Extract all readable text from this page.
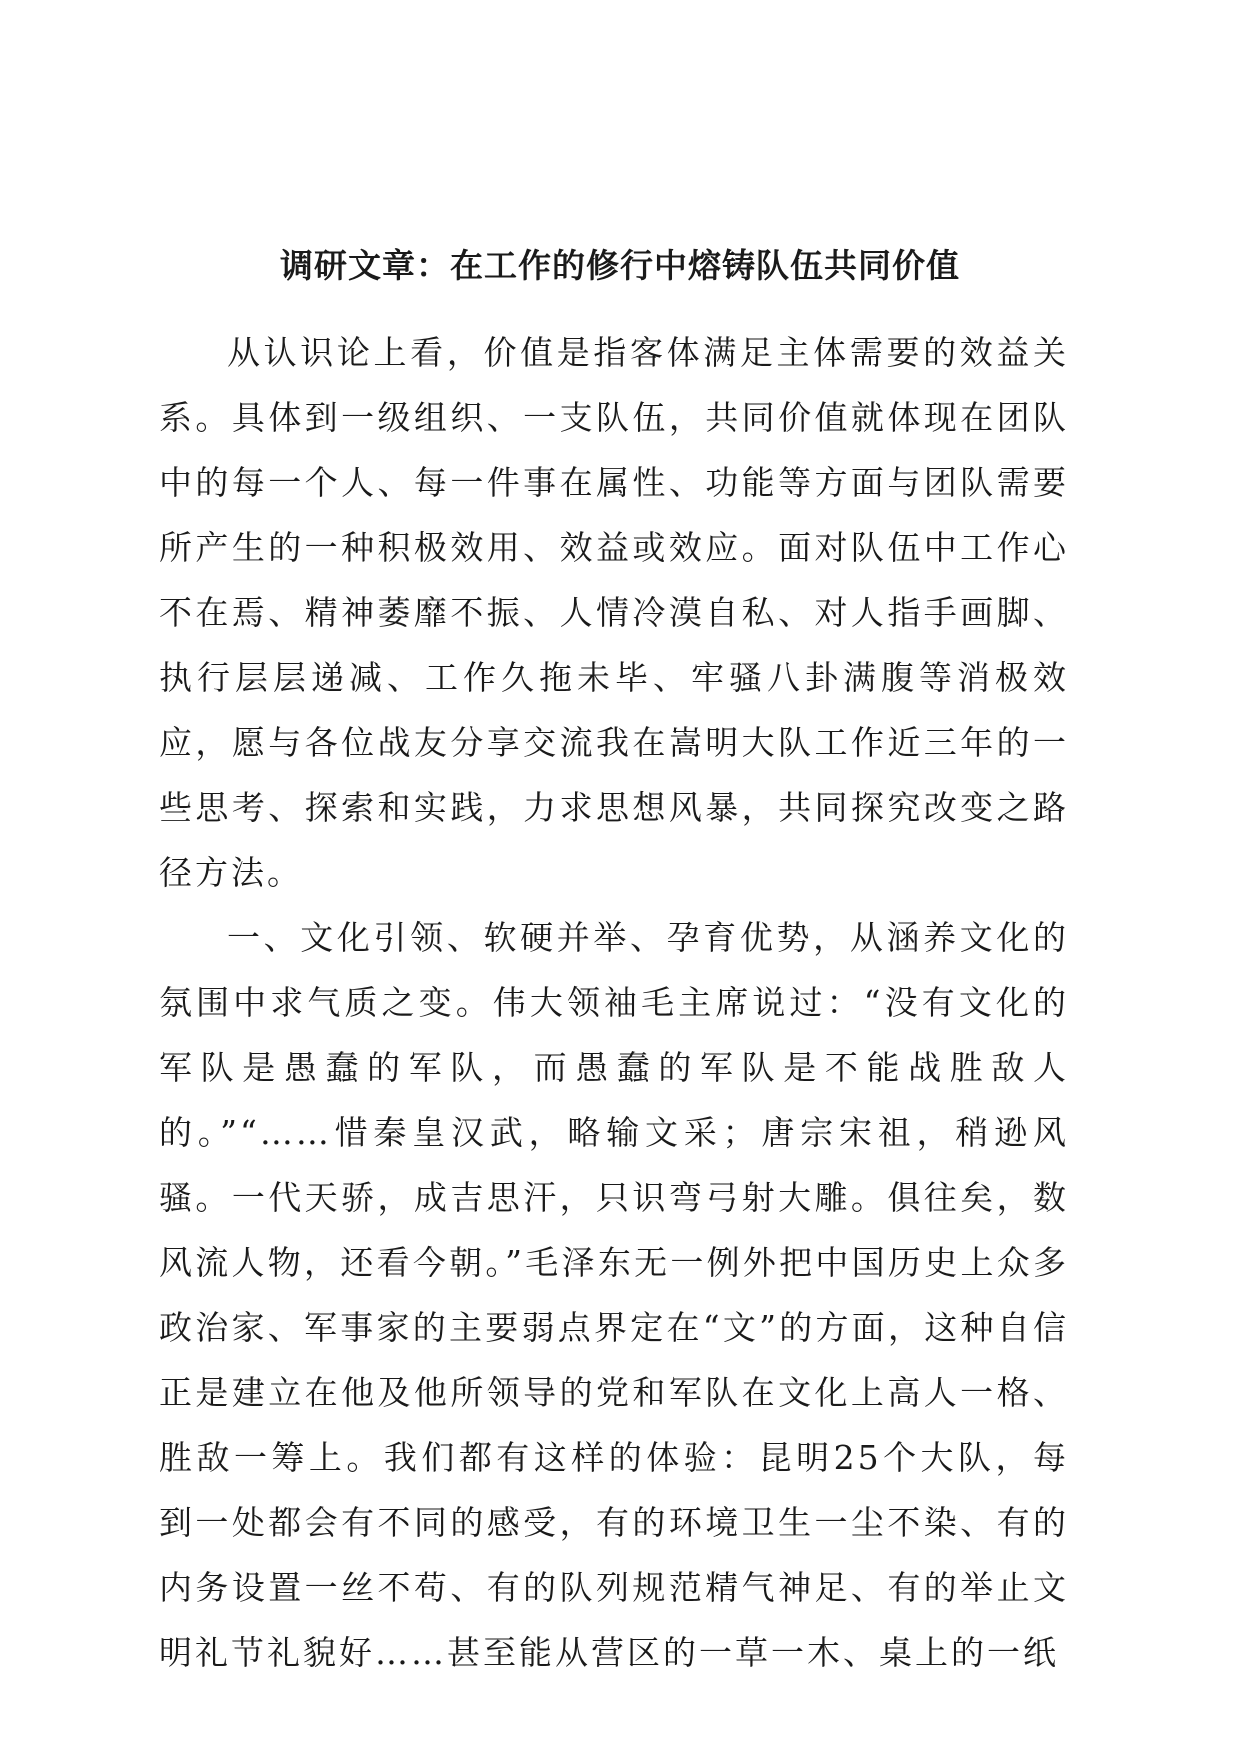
调研文章：在工作的修行中熔铸队伍共同价值

从认识论上看，价值是指客体满足主体需要的效益关系。具体到一级组织、一支队伍，共同价值就体现在团队中的每一个人、每一件事在属性、功能等方面与团队需要所产生的一种积极效用、效益或效应。面对队伍中工作心不在焉、精神萎靡不振、人情冷漠自私、对人指手画脚、执行层层递减、工作久拖未毕、牢骚八卦满腹等消极效应，愿与各位战友分享交流我在嵩明大队工作近三年的一些思考、探索和实践，力求思想风暴，共同探究改变之路径方法。

一、文化引领、软硬并举、孕育优势，从涵养文化的氛围中求气质之变。伟大领袖毛主席说过：“没有文化的军队是愚蠢的军队，而愚蠢的军队是不能战胜敌人的。”“……惜秦皇汉武，略输文采；唐宗宋祖，稍逊风骚。一代天骄，成吉思汗，只识弯弓射大雕。俱往矣，数风流人物，还看今朝。”毛泽东无一例外把中国历史上众多政治家、军事家的主要弱点界定在“文”的方面，这种自信正是建立在他及他所领导的党和军队在文化上高人一格、胜敌一筹上。我们都有这样的体验：昆明25个大队，每到一处都会有不同的感受，有的环境卫生一尘不染、有的内务设置一丝不苟、有的队列规范精气神足、有的举止文明礼节礼貌好……甚至能从营区的一草一木、桌上的一纸
